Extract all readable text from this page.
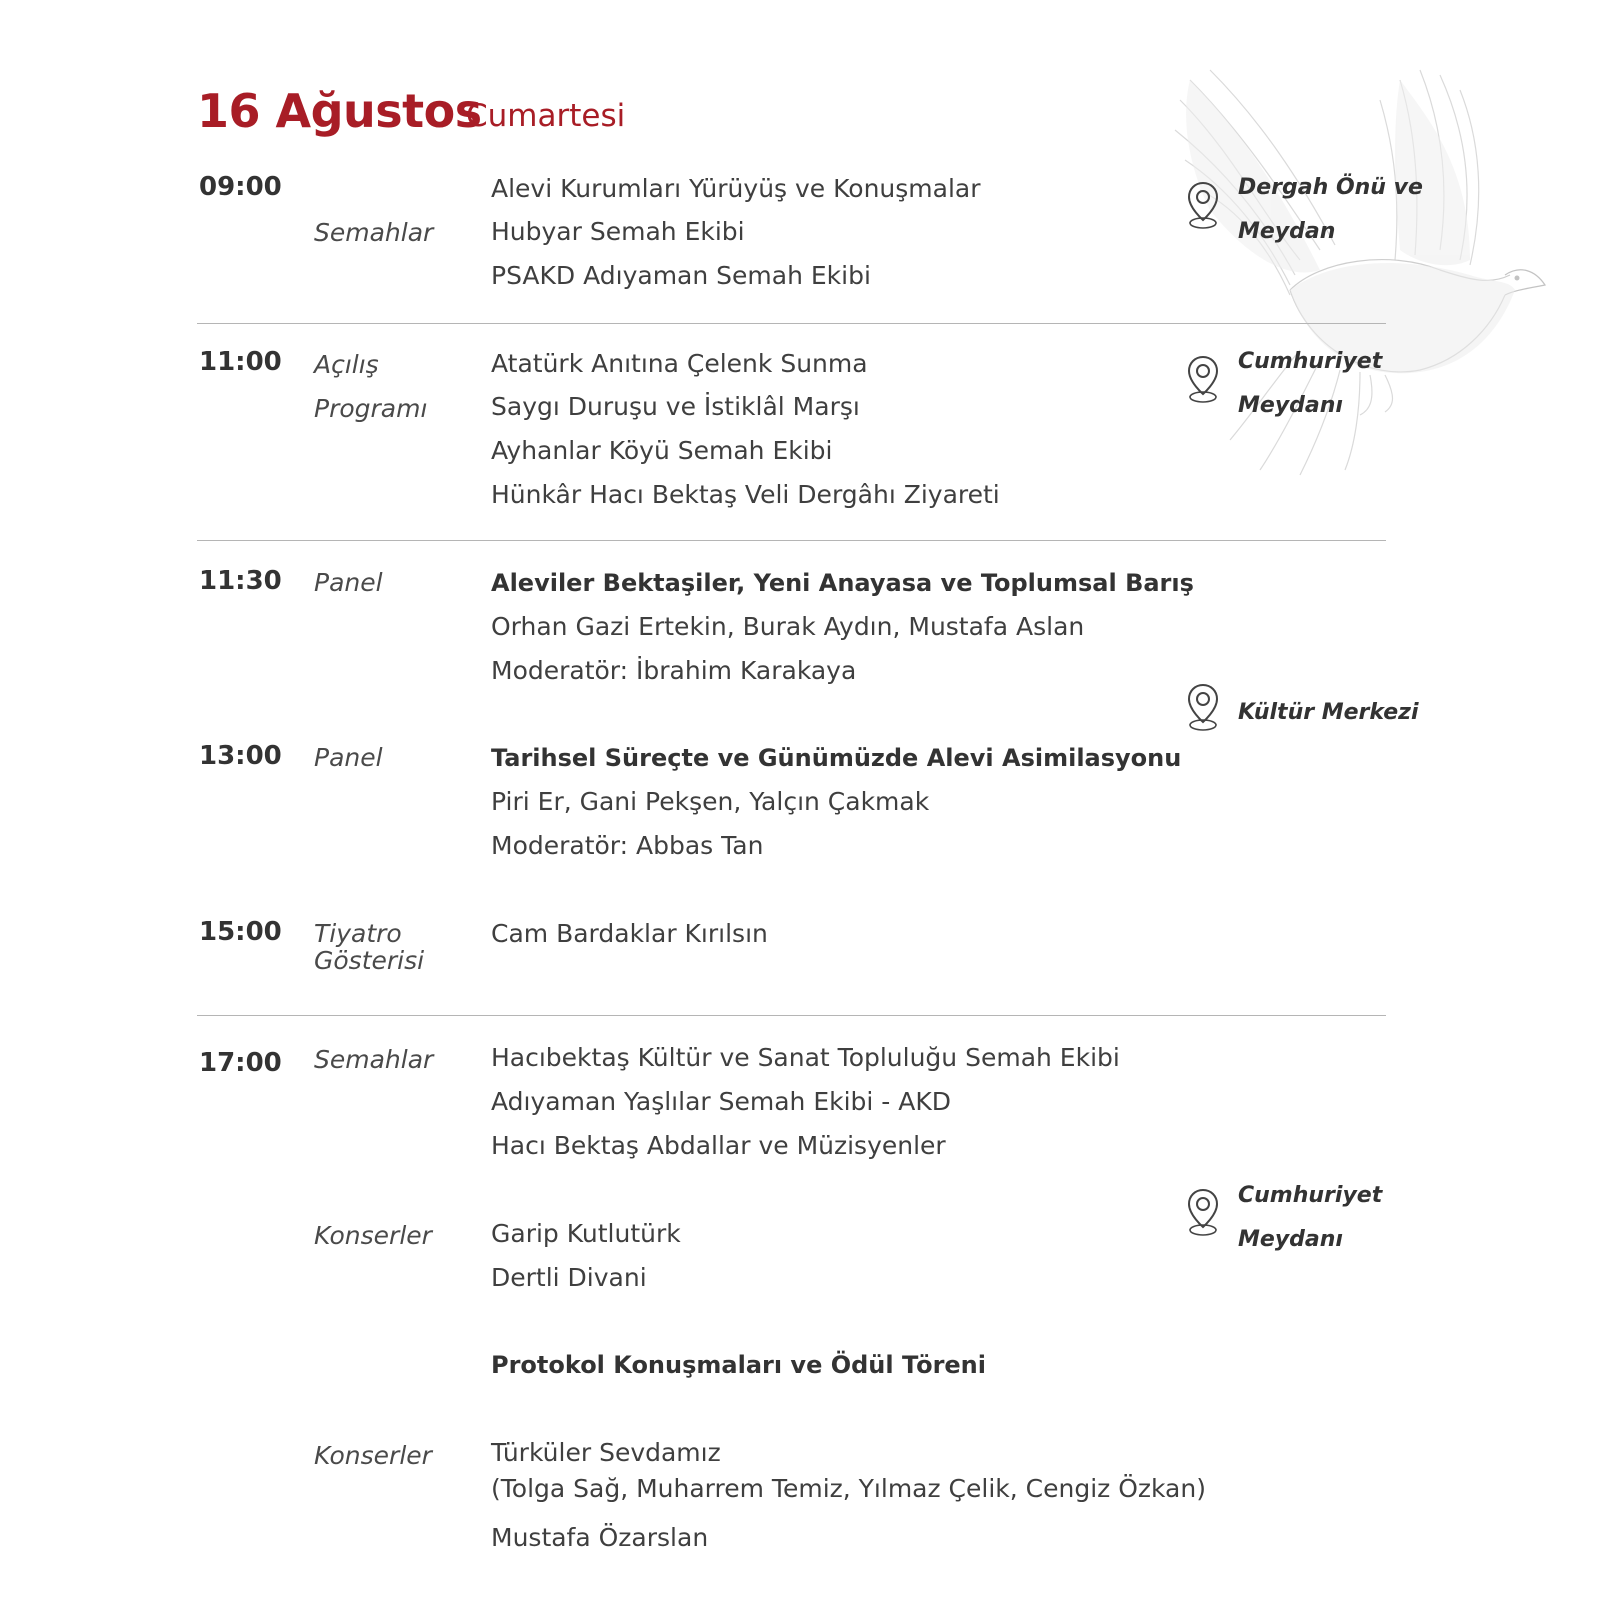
16 Ağustos
Cumartesi
09:00
Semahlar
Alevi Kurumları Yürüyüş ve Konuşmalar
Hubyar Semah Ekibi
PSAKD Adıyaman Semah Ekibi
Dergah Önü ve
Meydan
11:00 Açılış
Programı
Atatürk Anıtına Çelenk Sunma
Saygı Duruşu ve İstiklâl Marşı
Ayhanlar Köyü Semah Ekibi
Hünkâr Hacı Bektaş Veli Dergâhı Ziyareti
Cumhuriyet
Meydanı
11:30 Panel	Aleviler Bektaşiler, Yeni Anayasa ve Toplumsal Barış
Orhan Gazi Ertekin, Burak Aydın, Mustafa Aslan
Moderatör: İbrahim Karakaya
Kültür Merkezi
13:00 Panel	Tarihsel Süreçte ve Günümüzde Alevi Asimilasyonu
Piri Er, Gani Pekşen, Yalçın Çakmak
Moderatör: Abbas Tan
15:00 Tiyatro
Gösterisi
Cam Bardaklar Kırılsın
17:00 Semahlar Hacıbektaş Kültür ve Sanat Topluluğu Semah Ekibi
Adıyaman Yaşlılar Semah Ekibi - AKD
Hacı Bektaş Abdallar ve Müzisyenler
Cumhuriyet
Meydanı
Konserler Garip Kutlutürk
Dertli Divani
Protokol Konuşmaları ve Ödül Töreni
Konserler Türküler Sevdamız
(Tolga Sağ, Muharrem Temiz, Yılmaz Çelik, Cengiz Özkan)
Mustafa Özarslan
